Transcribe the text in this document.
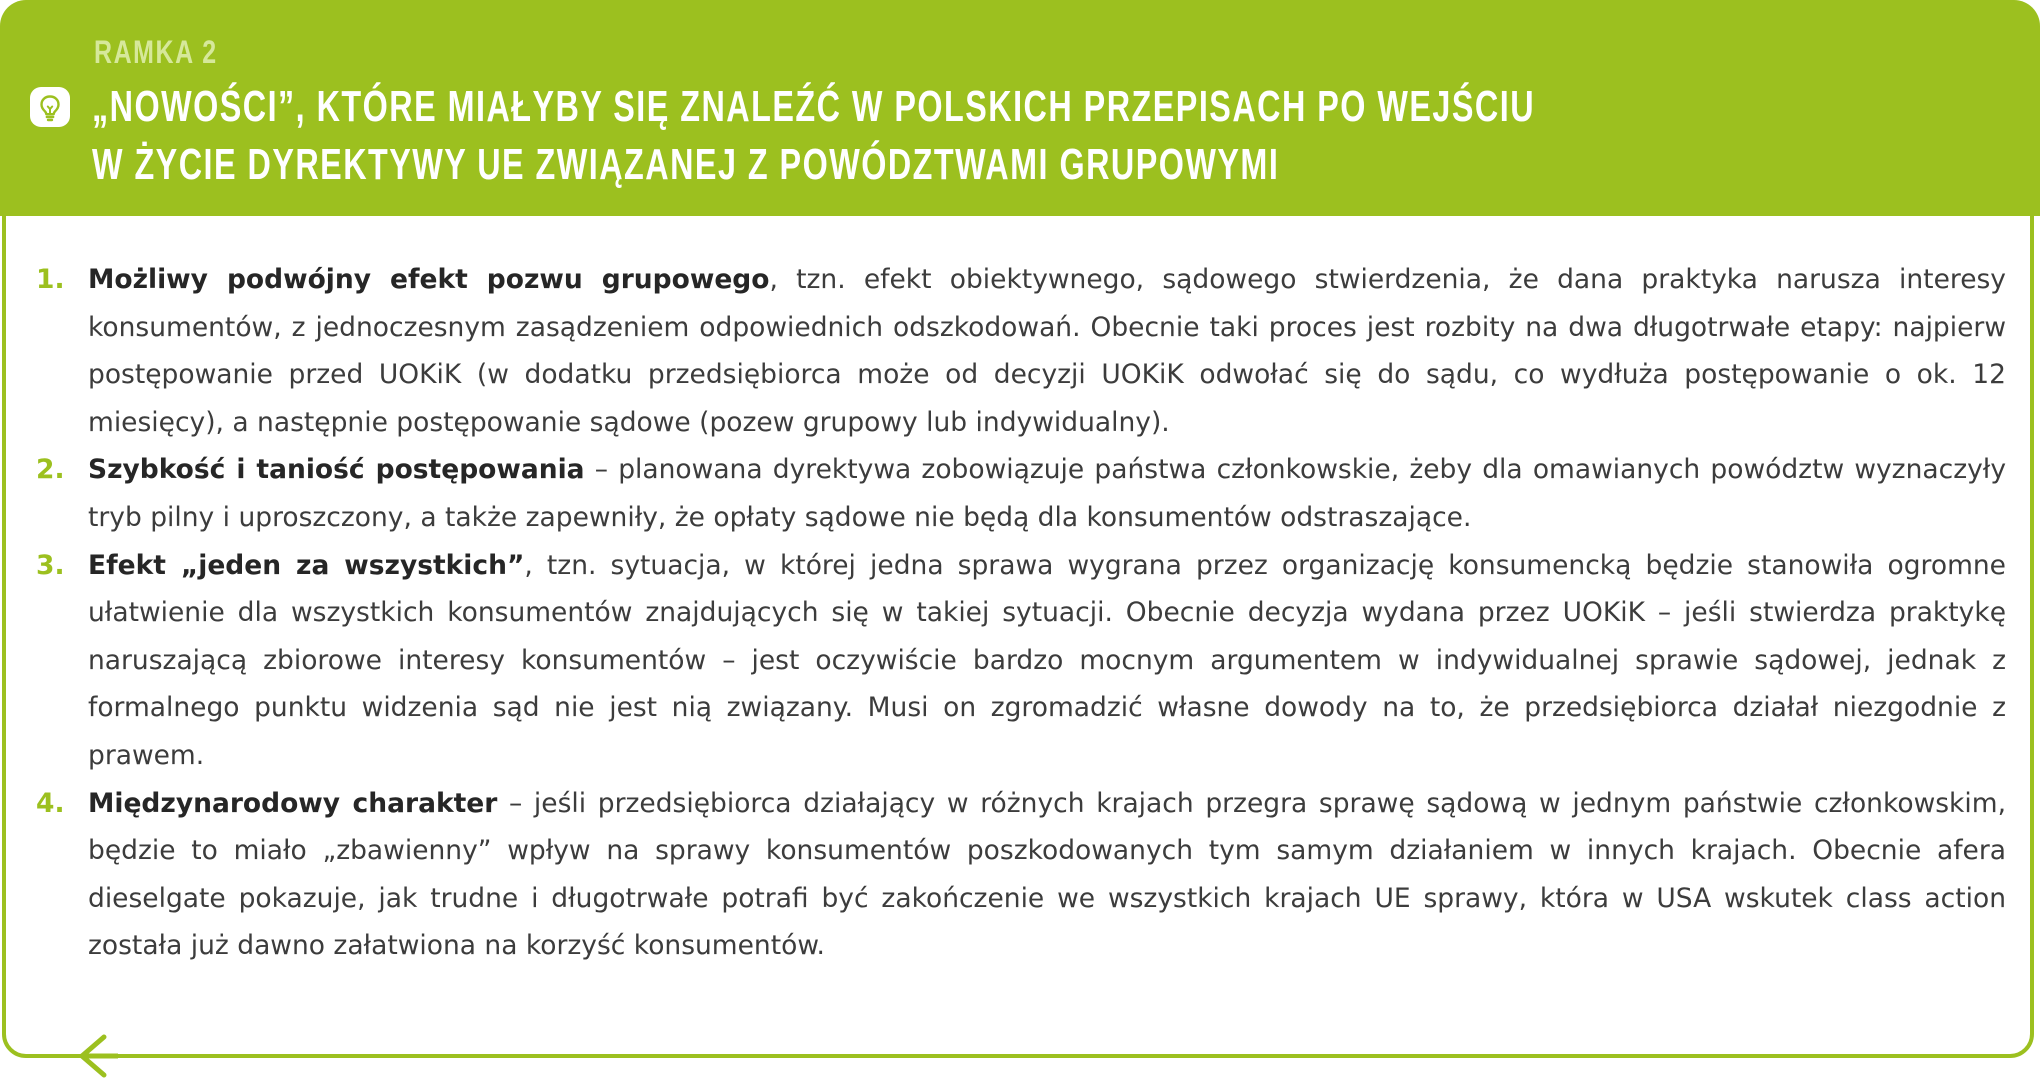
RAMKA 2
„NOWOŚCI”, KTÓRE MIAŁYBY SIĘ ZNALEŹĆ W POLSKICH PRZEPISACH PO WEJŚCIU
W ŻYCIE DYREKTYWY UE ZWIĄZANEJ Z POWÓDZTWAMI GRUPOWYMI
1. Możliwy podwójny efekt pozwu grupowego, tzn. efekt obiektywnego, sądowego stwierdzenia, że dana praktyka narusza interesy konsumentów, z jednoczesnym zasądzeniem odpowiednich odszkodowań. Obecnie taki proces jest rozbity na dwa długotrwałe etapy: najpierw postępowanie przed UOKiK (w dodatku przedsiębiorca może od decyzji UOKiK odwołać się do sądu, co wydłuża postępowanie o ok. 12 miesięcy), a następnie postępowanie sądowe (pozew grupowy lub indywidualny).
2. Szybkość i taniość postępowania – planowana dyrektywa zobowiązuje państwa członkowskie, żeby dla omawianych powództw wyznaczyły tryb pilny i uproszczony, a także zapewniły, że opłaty sądowe nie będą dla konsumentów odstraszające.
3. Efekt „jeden za wszystkich”, tzn. sytuacja, w której jedna sprawa wygrana przez organizację konsumencką będzie stanowiła ogromne ułatwienie dla wszystkich konsumentów znajdujących się w takiej sytuacji. Obecnie decyzja wydana przez UOKiK – jeśli stwierdza praktykę naruszającą zbiorowe interesy konsumentów – jest oczywiście bardzo mocnym argumentem w indywidualnej sprawie sądowej, jednak z formalnego punktu widzenia sąd nie jest nią związany. Musi on zgromadzić własne dowody na to, że przedsiębiorca działał niezgodnie z prawem.
4. Międzynarodowy charakter – jeśli przedsiębiorca działający w różnych krajach przegra sprawę sądową w jednym państwie członkowskim, będzie to miało „zbawienny” wpływ na sprawy konsumentów poszkodowanych tym samym działaniem w innych krajach. Obecnie afera dieselgate pokazuje, jak trudne i długotrwałe potrafi być zakończenie we wszystkich krajach UE sprawy, która w USA wskutek class action została już dawno załatwiona na korzyść konsumentów.
